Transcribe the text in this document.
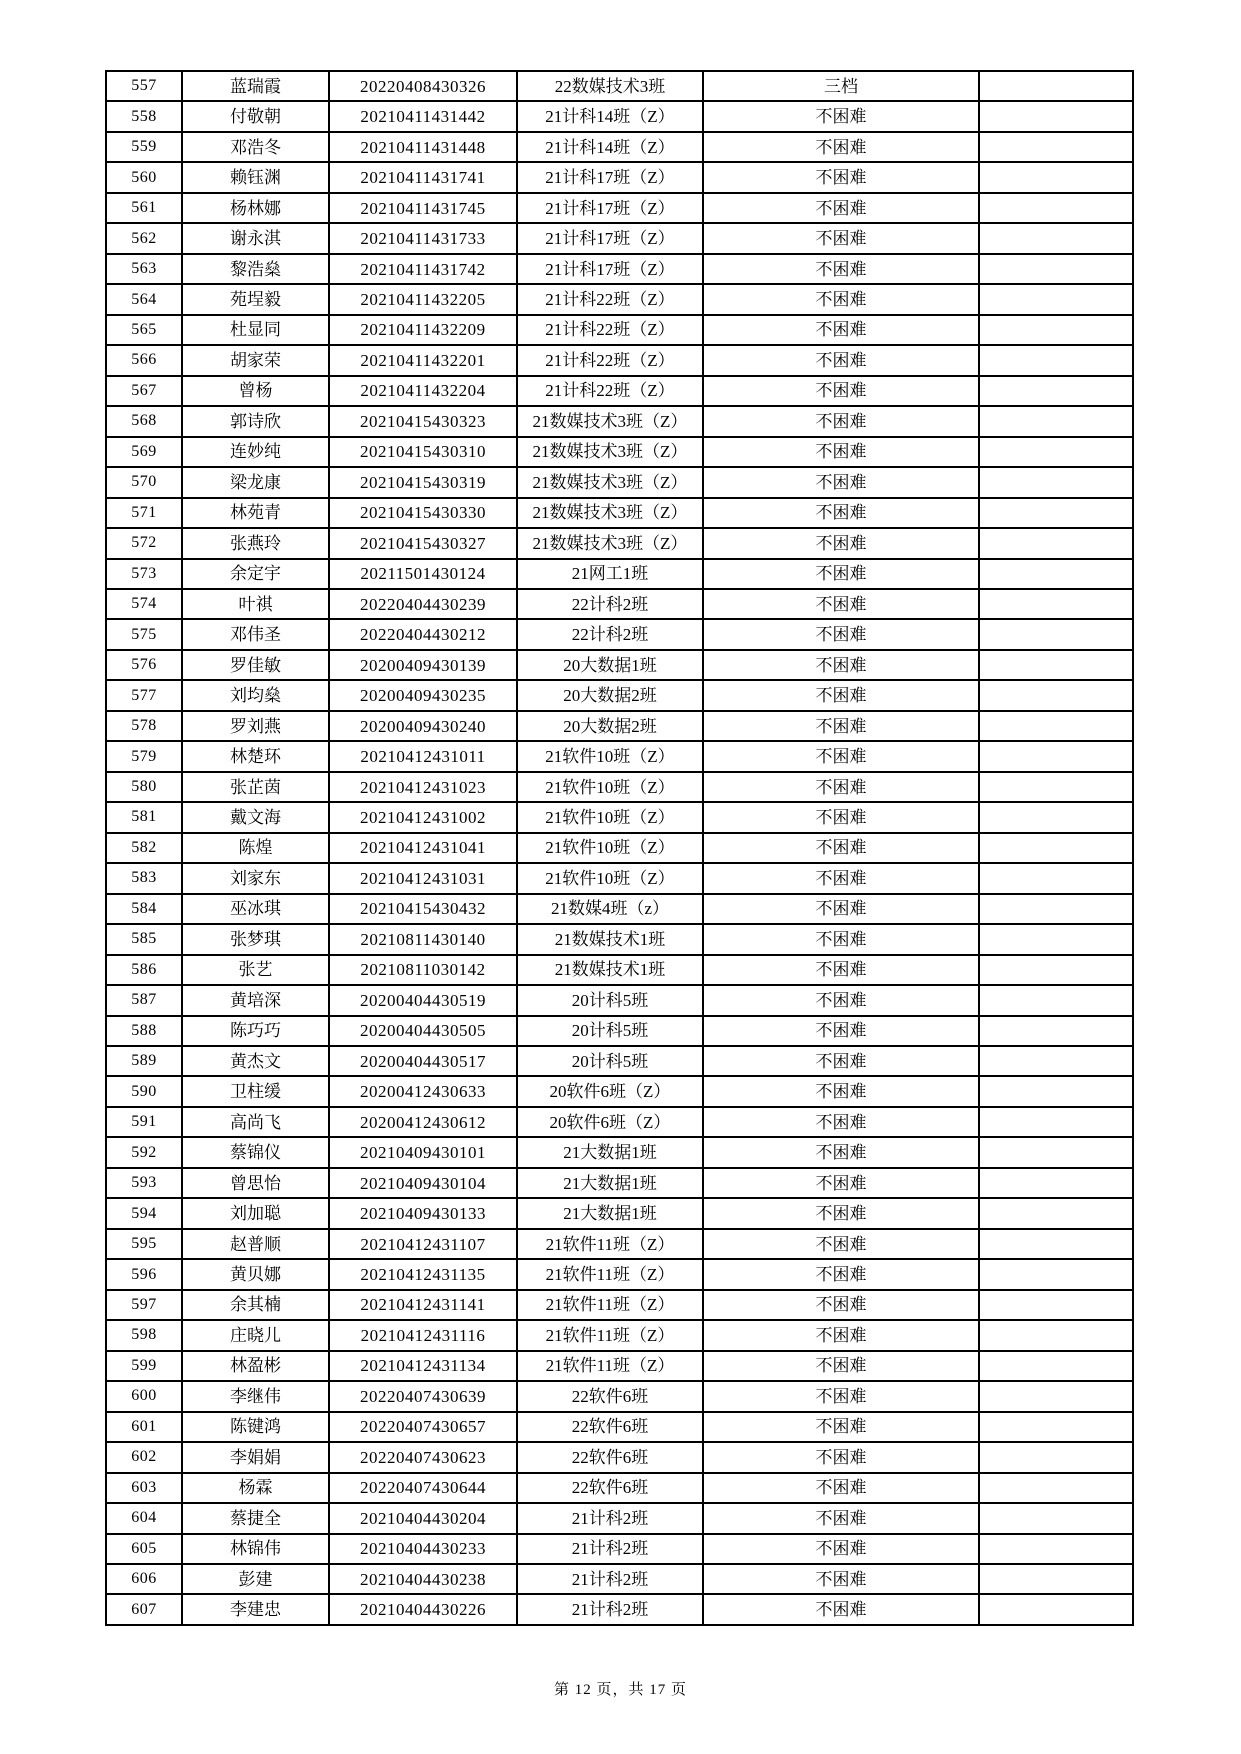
557	蓝瑞霞	20220408430326	22数媒技术3班	三档	
558	付敬朝	20210411431442	21计科14班（Z）	不困难	
559	邓浩冬	20210411431448	21计科14班（Z）	不困难	
560	赖钰渊	20210411431741	21计科17班（Z）	不困难	
561	杨林娜	20210411431745	21计科17班（Z）	不困难	
562	谢永淇	20210411431733	21计科17班（Z）	不困难	
563	黎浩燊	20210411431742	21计科17班（Z）	不困难	
564	苑埕毅	20210411432205	21计科22班（Z）	不困难	
565	杜显同	20210411432209	21计科22班（Z）	不困难	
566	胡家荣	20210411432201	21计科22班（Z）	不困难	
567	曾杨	20210411432204	21计科22班（Z）	不困难	
568	郭诗欣	20210415430323	21数媒技术3班（Z）	不困难	
569	连妙纯	20210415430310	21数媒技术3班（Z）	不困难	
570	梁龙康	20210415430319	21数媒技术3班（Z）	不困难	
571	林苑青	20210415430330	21数媒技术3班（Z）	不困难	
572	张燕玲	20210415430327	21数媒技术3班（Z）	不困难	
573	余定宇	20211501430124	21网工1班	不困难	
574	叶祺	20220404430239	22计科2班	不困难	
575	邓伟圣	20220404430212	22计科2班	不困难	
576	罗佳敏	20200409430139	20大数据1班	不困难	
577	刘均燊	20200409430235	20大数据2班	不困难	
578	罗刘燕	20200409430240	20大数据2班	不困难	
579	林楚环	20210412431011	21软件10班（Z）	不困难	
580	张芷茵	20210412431023	21软件10班（Z）	不困难	
581	戴文海	20210412431002	21软件10班（Z）	不困难	
582	陈煌	20210412431041	21软件10班（Z）	不困难	
583	刘家东	20210412431031	21软件10班（Z）	不困难	
584	巫冰琪	20210415430432	21数媒4班（z）	不困难	
585	张梦琪	20210811430140	21数媒技术1班	不困难	
586	张艺	20210811030142	21数媒技术1班	不困难	
587	黄培深	20200404430519	20计科5班	不困难	
588	陈巧巧	20200404430505	20计科5班	不困难	
589	黄杰文	20200404430517	20计科5班	不困难	
590	卫柱缓	20200412430633	20软件6班（Z）	不困难	
591	高尚飞	20200412430612	20软件6班（Z）	不困难	
592	蔡锦仪	20210409430101	21大数据1班	不困难	
593	曾思怡	20210409430104	21大数据1班	不困难	
594	刘加聪	20210409430133	21大数据1班	不困难	
595	赵普顺	20210412431107	21软件11班（Z）	不困难	
596	黄贝娜	20210412431135	21软件11班（Z）	不困难	
597	余其楠	20210412431141	21软件11班（Z）	不困难	
598	庄晓儿	20210412431116	21软件11班（Z）	不困难	
599	林盈彬	20210412431134	21软件11班（Z）	不困难	
600	李继伟	20220407430639	22软件6班	不困难	
601	陈键鸿	20220407430657	22软件6班	不困难	
602	李娟娟	20220407430623	22软件6班	不困难	
603	杨霖	20220407430644	22软件6班	不困难	
604	蔡捷全	20210404430204	21计科2班	不困难	
605	林锦伟	20210404430233	21计科2班	不困难	
606	彭建	20210404430238	21计科2班	不困难	
607	李建忠	20210404430226	21计科2班	不困难	
第 12 页，共 17 页
